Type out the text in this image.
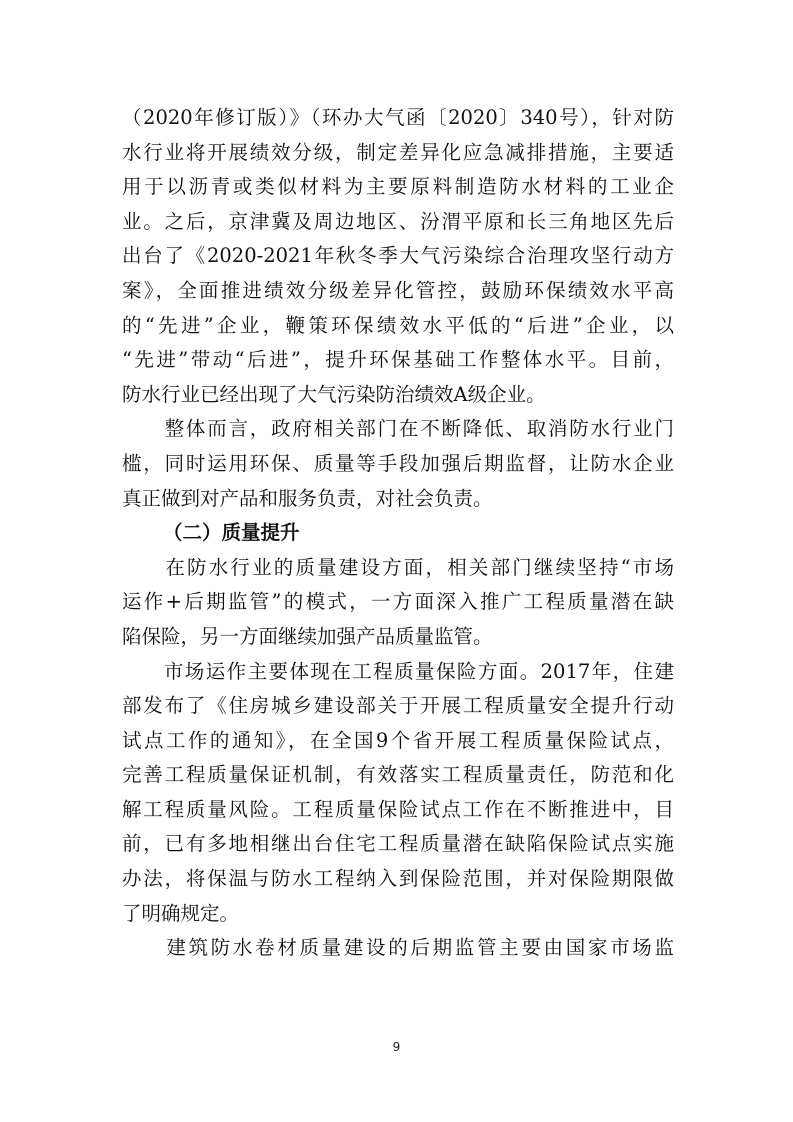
（2020年修订版）》（环办大气函〔2020〕340号），针对防
水行业将开展绩效分级，制定差异化应急减排措施，主要适
用于以沥青或类似材料为主要原料制造防水材料的工业企
业。之后，京津冀及周边地区、汾渭平原和长三角地区先后
出台了《2020-2021年秋冬季大气污染综合治理攻坚行动方
案》，全面推进绩效分级差异化管控，鼓励环保绩效水平高
的“先进”企业，鞭策环保绩效水平低的“后进”企业，以
“先进”带动“后进”，提升环保基础工作整体水平。目前，
防水行业已经出现了大气污染防治绩效A级企业。
　　整体而言，政府相关部门在不断降低、取消防水行业门
槛，同时运用环保、质量等手段加强后期监督，让防水企业
真正做到对产品和服务负责，对社会负责。
（二）质量提升
　　在防水行业的质量建设方面，相关部门继续坚持“市场
运作+后期监管”的模式，一方面深入推广工程质量潜在缺
陷保险，另一方面继续加强产品质量监管。
　　市场运作主要体现在工程质量保险方面。2017年，住建
部发布了《住房城乡建设部关于开展工程质量安全提升行动
试点工作的通知》，在全国9个省开展工程质量保险试点，
完善工程质量保证机制，有效落实工程质量责任，防范和化
解工程质量风险。工程质量保险试点工作在不断推进中，目
前，已有多地相继出台住宅工程质量潜在缺陷保险试点实施
办法，将保温与防水工程纳入到保险范围，并对保险期限做
了明确规定。
　　建筑防水卷材质量建设的后期监管主要由国家市场监
9
